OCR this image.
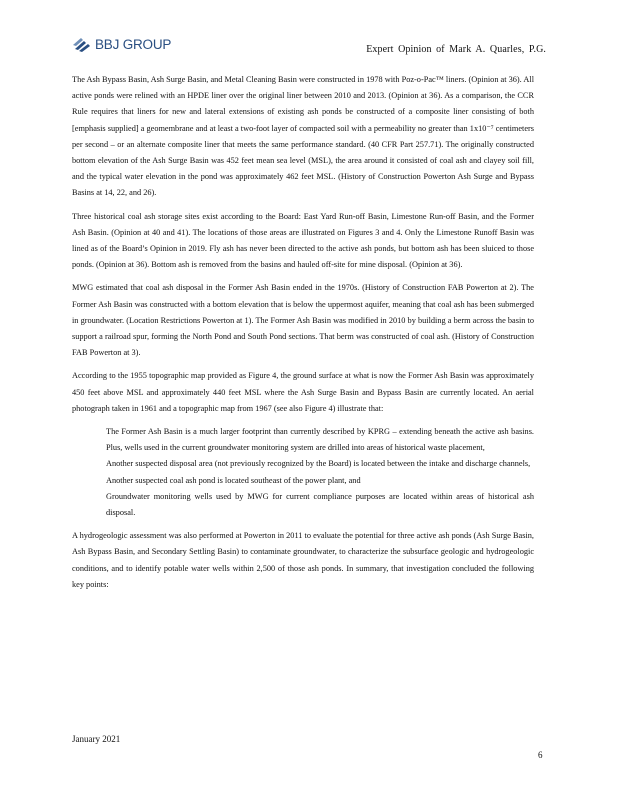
BBJ GROUP	Expert Opinion of Mark A. Quarles, P.G.

The Ash Bypass Basin, Ash Surge Basin, and Metal Cleaning Basin were constructed in 1978 with Poz-o-Pac™ liners. (Opinion at 36). All active ponds were relined with an HPDE liner over the original liner between 2010 and 2013. (Opinion at 36). As a comparison, the CCR Rule requires that liners for new and lateral extensions of existing ash ponds be constructed of a composite liner consisting of both [emphasis supplied] a geomembrane and at least a two-foot layer of compacted soil with a permeability no greater than 1x10⁻⁷ centimeters per second – or an alternate composite liner that meets the same performance standard. (40 CFR Part 257.71). The originally constructed bottom elevation of the Ash Surge Basin was 452 feet mean sea level (MSL), the area around it consisted of coal ash and clayey soil fill, and the typical water elevation in the pond was approximately 462 feet MSL. (History of Construction Powerton Ash Surge and Bypass Basins at 14, 22, and 26).

Three historical coal ash storage sites exist according to the Board: East Yard Run-off Basin, Limestone Run-off Basin, and the Former Ash Basin. (Opinion at 40 and 41). The locations of those areas are illustrated on Figures 3 and 4. Only the Limestone Runoff Basin was lined as of the Board’s Opinion in 2019. Fly ash has never been directed to the active ash ponds, but bottom ash has been sluiced to those ponds. (Opinion at 36). Bottom ash is removed from the basins and hauled off-site for mine disposal. (Opinion at 36).

MWG estimated that coal ash disposal in the Former Ash Basin ended in the 1970s. (History of Construction FAB Powerton at 2). The Former Ash Basin was constructed with a bottom elevation that is below the uppermost aquifer, meaning that coal ash has been submerged in groundwater. (Location Restrictions Powerton at 1). The Former Ash Basin was modified in 2010 by building a berm across the basin to support a railroad spur, forming the North Pond and South Pond sections. That berm was constructed of coal ash. (History of Construction FAB Powerton at 3).

According to the 1955 topographic map provided as Figure 4, the ground surface at what is now the Former Ash Basin was approximately 450 feet above MSL and approximately 440 feet MSL where the Ash Surge Basin and Bypass Basin are currently located. An aerial photograph taken in 1961 and a topographic map from 1967 (see also Figure 4) illustrate that:

The Former Ash Basin is a much larger footprint than currently described by KPRG – extending beneath the active ash basins. Plus, wells used in the current groundwater monitoring system are drilled into areas of historical waste placement,
Another suspected disposal area (not previously recognized by the Board) is located between the intake and discharge channels,
Another suspected coal ash pond is located southeast of the power plant, and
Groundwater monitoring wells used by MWG for current compliance purposes are located within areas of historical ash disposal.

A hydrogeologic assessment was also performed at Powerton in 2011 to evaluate the potential for three active ash ponds (Ash Surge Basin, Ash Bypass Basin, and Secondary Settling Basin) to contaminate groundwater, to characterize the subsurface geologic and hydrogeologic conditions, and to identify potable water wells within 2,500 of those ash ponds. In summary, that investigation concluded the following key points:

January 2021
6
